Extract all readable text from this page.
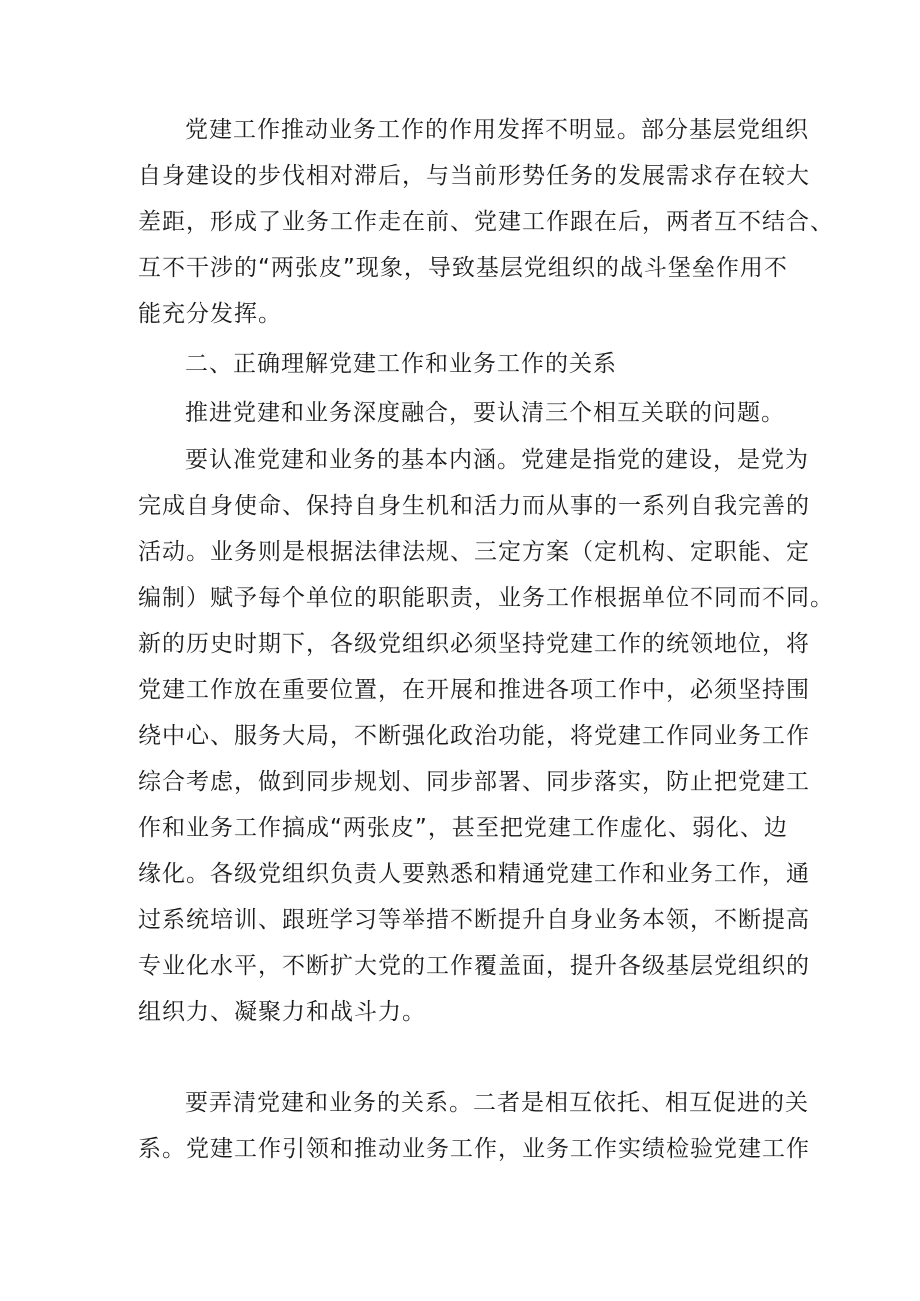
党建工作推动业务工作的作用发挥不明显。部分基层党组织
自身建设的步伐相对滞后，与当前形势任务的发展需求存在较大
差距，形成了业务工作走在前、党建工作跟在后，两者互不结合、
互不干涉的“两张皮”现象，导致基层党组织的战斗堡垒作用不
能充分发挥。
二、正确理解党建工作和业务工作的关系
推进党建和业务深度融合，要认清三个相互关联的问题。
要认准党建和业务的基本内涵。党建是指党的建设，是党为
完成自身使命、保持自身生机和活力而从事的一系列自我完善的
活动。业务则是根据法律法规、三定方案（定机构、定职能、定
编制）赋予每个单位的职能职责，业务工作根据单位不同而不同。
新的历史时期下，各级党组织必须坚持党建工作的统领地位，将
党建工作放在重要位置，在开展和推进各项工作中，必须坚持围
绕中心、服务大局，不断强化政治功能，将党建工作同业务工作
综合考虑，做到同步规划、同步部署、同步落实，防止把党建工
作和业务工作搞成“两张皮”，甚至把党建工作虚化、弱化、边
缘化。各级党组织负责人要熟悉和精通党建工作和业务工作，通
过系统培训、跟班学习等举措不断提升自身业务本领，不断提高
专业化水平，不断扩大党的工作覆盖面，提升各级基层党组织的
组织力、凝聚力和战斗力。
要弄清党建和业务的关系。二者是相互依托、相互促进的关
系。党建工作引领和推动业务工作，业务工作实绩检验党建工作
